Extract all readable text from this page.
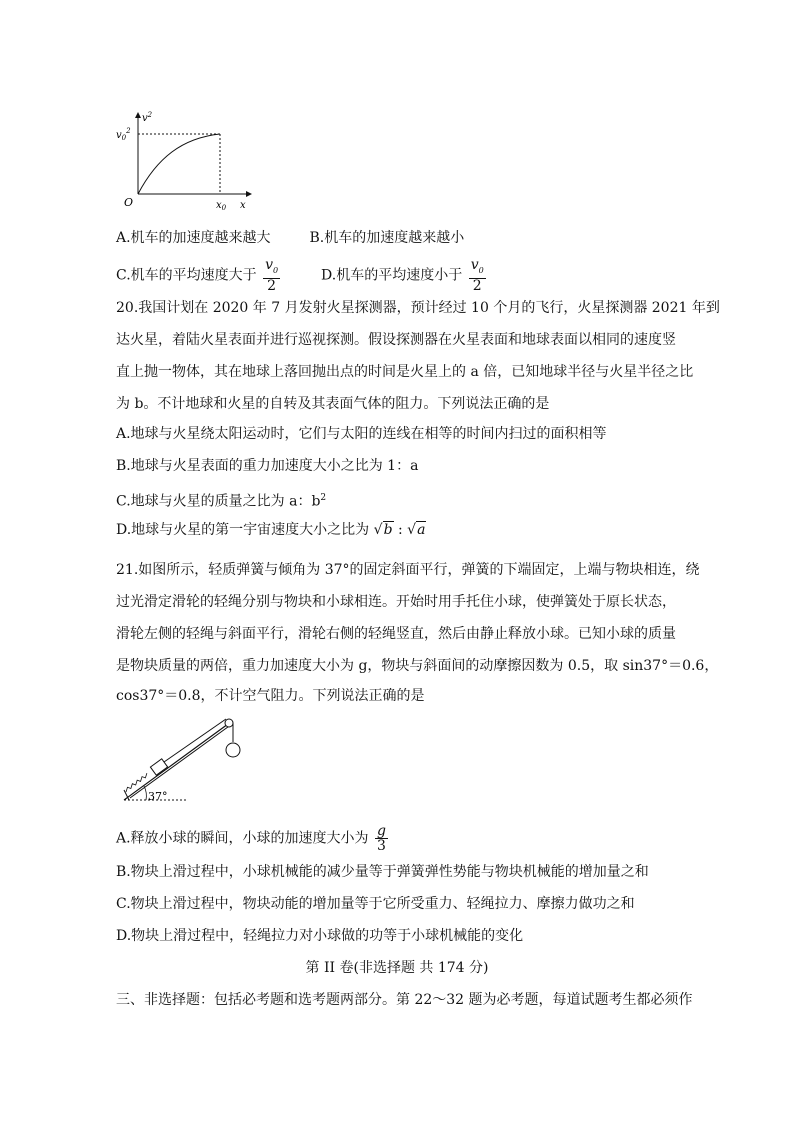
$v^2$
$v_0^2$
O	$x_0$ x
A.机车的加速度越来越大	B.机车的加速度越来越小
C.机车的平均速度大于 $\frac{v_0}{2}$	D.机车的平均速度小于 $\frac{v_0}{2}$
20.我国计划在 2020 年 7 月发射火星探测器，预计经过 10 个月的飞行，火星探测器 2021 年到
达火星，着陆火星表面并进行巡视探测。假设探测器在火星表面和地球表面以相同的速度竖
直上抛一物体，其在地球上落回抛出点的时间是火星上的 a 倍，已知地球半径与火星半径之比
为 b。不计地球和火星的自转及其表面气体的阻力。下列说法正确的是
A.地球与火星绕太阳运动时，它们与太阳的连线在相等的时间内扫过的面积相等
B.地球与火星表面的重力加速度大小之比为 1：a
C.地球与火星的质量之比为 a：$b^2$
D.地球与火星的第一宇宙速度大小之比为 √b : √a
21.如图所示，轻质弹簧与倾角为 37°的固定斜面平行，弹簧的下端固定，上端与物块相连，绕
过光滑定滑轮的轻绳分别与物块和小球相连。开始时用手托住小球，使弹簧处于原长状态，
滑轮左侧的轻绳与斜面平行，滑轮右侧的轻绳竖直，然后由静止释放小球。已知小球的质量
是物块质量的两倍，重力加速度大小为 g，物块与斜面间的动摩擦因数为 0.5，取 sin37°＝0.6，
cos37°＝0.8，不计空气阻力。下列说法正确的是
37°
A.释放小球的瞬间，小球的加速度大小为 $\frac{g}{3}$
B.物块上滑过程中，小球机械能的减少量等于弹簧弹性势能与物块机械能的增加量之和
C.物块上滑过程中，物块动能的增加量等于它所受重力、轻绳拉力、摩擦力做功之和
D.物块上滑过程中，轻绳拉力对小球做的功等于小球机械能的变化
第 II 卷(非选择题 共 174 分)
三、非选择题：包括必考题和选考题两部分。第 22～32 题为必考题，每道试题考生都必须作
